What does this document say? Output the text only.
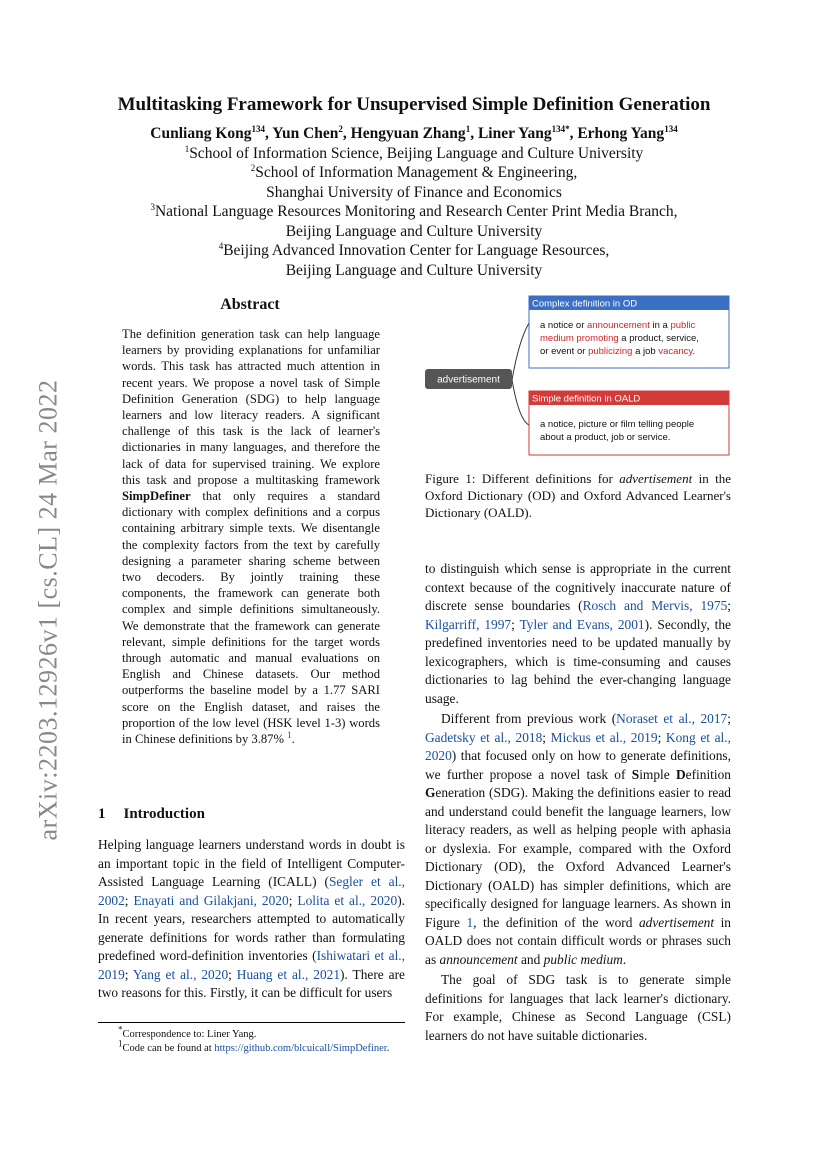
arXiv:2203.12926v1 [cs.CL] 24 Mar 2022
Multitasking Framework for Unsupervised Simple Definition Generation
Cunliang Kong$^{134}$, Yun Chen$^2$, Hengyuan Zhang$^1$, Liner Yang$^{134*}$, Erhong Yang$^{134}$
$^1$School of Information Science, Beijing Language and Culture University
$^2$School of Information Management & Engineering,
Shanghai University of Finance and Economics
$^3$National Language Resources Monitoring and Research Center Print Media Branch,
Beijing Language and Culture University
$^4$Beijing Advanced Innovation Center for Language Resources,
Beijing Language and Culture University
Abstract
The definition generation task can help language learners by providing explanations for unfamiliar words. This task has attracted much attention in recent years. We propose a novel task of Simple Definition Generation (SDG) to help language learners and low literacy readers. A significant challenge of this task is the lack of learner's dictionaries in many languages, and therefore the lack of data for supervised training. We explore this task and propose a multitasking framework SimpDefiner that only requires a standard dictionary with complex definitions and a corpus containing arbitrary simple texts. We disentangle the complexity factors from the text by carefully designing a parameter sharing scheme between two decoders. By jointly training these components, the framework can generate both complex and simple definitions simultaneously. We demonstrate that the framework can generate relevant, simple definitions for the target words through automatic and manual evaluations on English and Chinese datasets. Our method outperforms the baseline model by a 1.77 SARI score on the English dataset, and raises the proportion of the low level (HSK level 1-3) words in Chinese definitions by 3.87% $^1$.
1 Introduction
Helping language learners understand words in doubt is an important topic in the field of Intelligent Computer-Assisted Language Learning (ICALL) (Segler et al., 2002; Enayati and Gilakjani, 2020; Lolita et al., 2020). In recent years, researchers attempted to automatically generate definitions for words rather than formulating predefined word-definition inventories (Ishiwatari et al., 2019; Yang et al., 2020; Huang et al., 2021). There are two reasons for this. Firstly, it can be difficult for users
*Correspondence to: Liner Yang.
$^1$Code can be found at https://github.com/blcuicall/SimpDefiner.
Complex definition in OD
a notice or announcement in a public
medium promoting a product, service,
or event or publicizing a job vacancy.
advertisement
Simple definition in OALD
a notice, picture or film telling people
about a product, job or service.
Figure 1: Different definitions for advertisement in the Oxford Dictionary (OD) and Oxford Advanced Learner's Dictionary (OALD).

to distinguish which sense is appropriate in the current context because of the cognitively inaccurate nature of discrete sense boundaries (Rosch and Mervis, 1975; Kilgarriff, 1997; Tyler and Evans, 2001). Secondly, the predefined inventories need to be updated manually by lexicographers, which is time-consuming and causes dictionaries to lag behind the ever-changing language usage.

Different from previous work (Noraset et al., 2017; Gadetsky et al., 2018; Mickus et al., 2019; Kong et al., 2020) that focused only on how to generate definitions, we further propose a novel task of Simple Definition Generation (SDG). Making the definitions easier to read and understand could benefit the language learners, low literacy readers, as well as helping people with aphasia or dyslexia. For example, compared with the Oxford Dictionary (OD), the Oxford Advanced Learner's Dictionary (OALD) has simpler definitions, which are specifically designed for language learners. As shown in Figure 1, the definition of the word advertisement in OALD does not contain difficult words or phrases such as announcement and public medium.

The goal of SDG task is to generate simple definitions for languages that lack learner's dictionary. For example, Chinese as Second Language (CSL) learners do not have suitable dictionaries.
